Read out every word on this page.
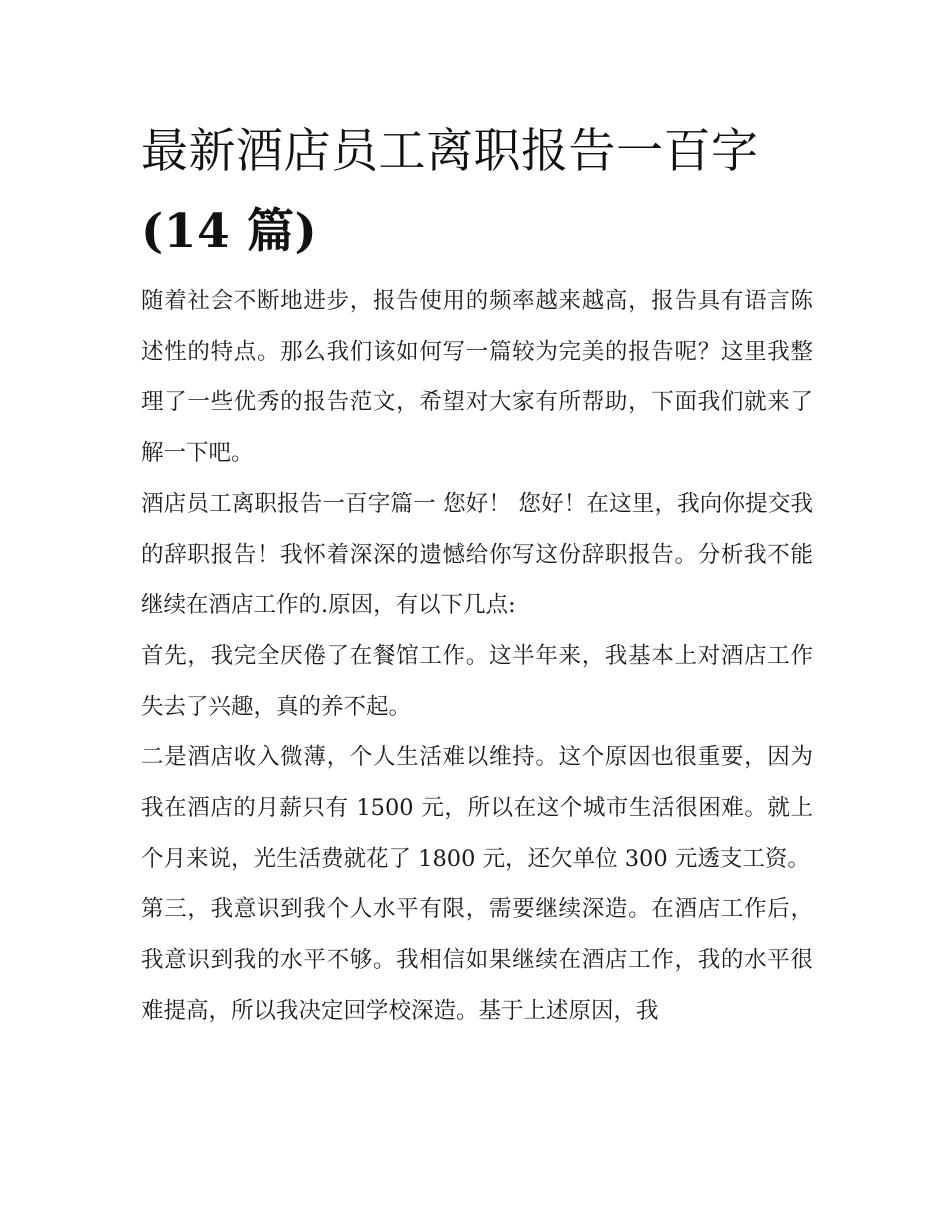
最新酒店员工离职报告一百字
(14 篇)

随着社会不断地进步，报告使用的频率越来越高，报告具有语言陈述性的特点。那么我们该如何写一篇较为完美的报告呢？这里我整理了一些优秀的报告范文，希望对大家有所帮助，下面我们就来了解一下吧。

酒店员工离职报告一百字篇一 您好！ 您好！在这里，我向你提交我的辞职报告！我怀着深深的遗憾给你写这份辞职报告。分析我不能继续在酒店工作的.原因，有以下几点:

首先，我完全厌倦了在餐馆工作。这半年来，我基本上对酒店工作失去了兴趣，真的养不起。

二是酒店收入微薄，个人生活难以维持。这个原因也很重要，因为我在酒店的月薪只有 1500 元，所以在这个城市生活很困难。就上个月来说，光生活费就花了 1800 元，还欠单位 300 元透支工资。

第三，我意识到我个人水平有限，需要继续深造。在酒店工作后，我意识到我的水平不够。我相信如果继续在酒店工作，我的水平很难提高，所以我决定回学校深造。基于上述原因，我
